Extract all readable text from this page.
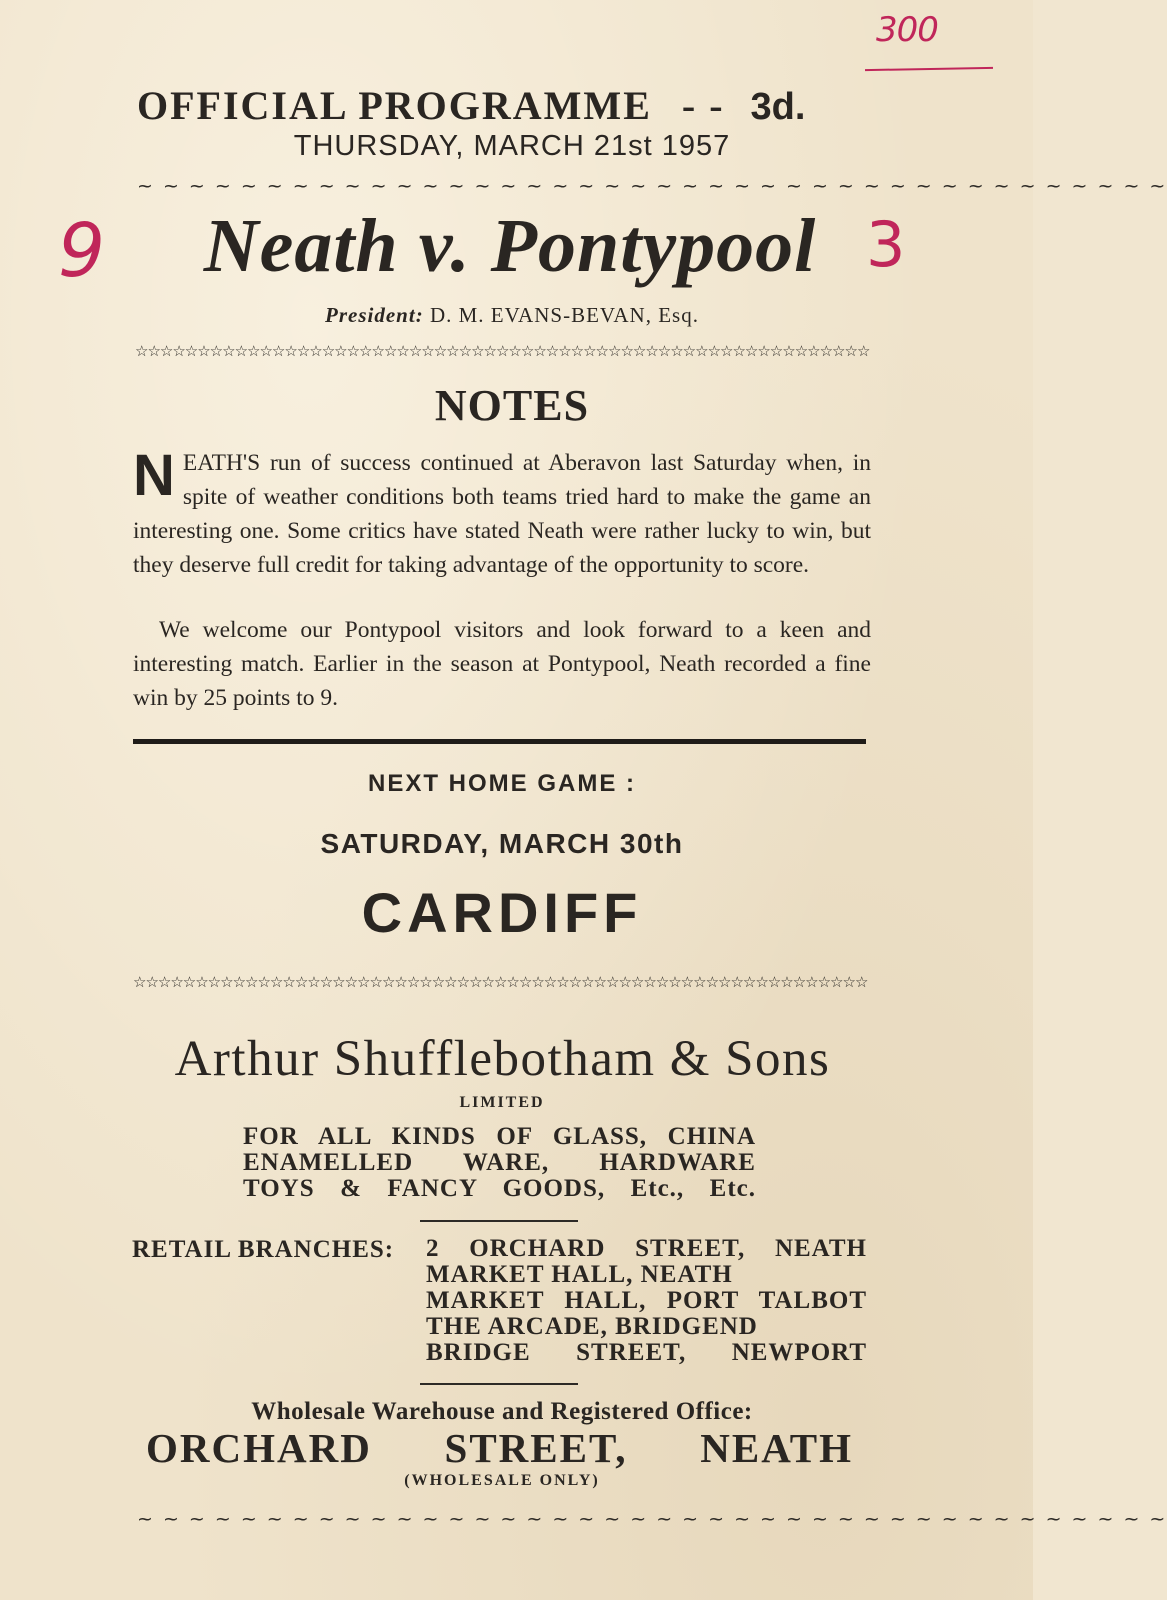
300
9	3
OFFICIAL PROGRAMME - - 3d.
THURSDAY, MARCH 21st 1957
~ ~ ~ ~ ~ ~ ~ ~ ~ ~ ~ ~ ~ ~ ~ ~ ~ ~ ~ ~ ~ ~ ~ ~ ~ ~ ~ ~ ~ ~ ~ ~ ~ ~ ~ ~ ~ ~ ~ ~
Neath v. Pontypool
President: D. M. EVANS-BEVAN, Esq.
☆☆☆☆☆☆☆☆☆☆☆☆☆☆☆☆☆☆☆☆☆☆☆☆☆☆☆☆☆☆☆☆☆☆☆☆☆☆☆☆☆☆☆☆☆☆☆☆☆☆☆☆☆☆☆☆☆☆☆
NOTES
NEATH'S run of success continued at Aberavon last Saturday when, in spite of weather conditions both teams tried hard to make the game an interesting one. Some critics have stated Neath were rather lucky to win, but they deserve full credit for taking advantage of the opportunity to score.
We welcome our Pontypool visitors and look forward to a keen and interesting match. Earlier in the season at Pontypool, Neath recorded a fine win by 25 points to 9.
NEXT HOME GAME :
SATURDAY, MARCH 30th
CARDIFF
☆☆☆☆☆☆☆☆☆☆☆☆☆☆☆☆☆☆☆☆☆☆☆☆☆☆☆☆☆☆☆☆☆☆☆☆☆☆☆☆☆☆☆☆☆☆☆☆☆☆☆☆☆☆☆☆☆☆☆
Arthur Shufflebotham & Sons
LIMITED
FOR ALL KINDS OF GLASS, CHINA
ENAMELLED WARE, HARDWARE
TOYS & FANCY GOODS, Etc., Etc.
RETAIL BRANCHES:	2 ORCHARD STREET, NEATH
MARKET HALL, NEATH
MARKET HALL, PORT TALBOT
THE ARCADE, BRIDGEND
BRIDGE STREET, NEWPORT
Wholesale Warehouse and Registered Office:
ORCHARD STREET, NEATH
(WHOLESALE ONLY)
~ ~ ~ ~ ~ ~ ~ ~ ~ ~ ~ ~ ~ ~ ~ ~ ~ ~ ~ ~ ~ ~ ~ ~ ~ ~ ~ ~ ~ ~ ~ ~ ~ ~ ~ ~ ~ ~ ~ ~
